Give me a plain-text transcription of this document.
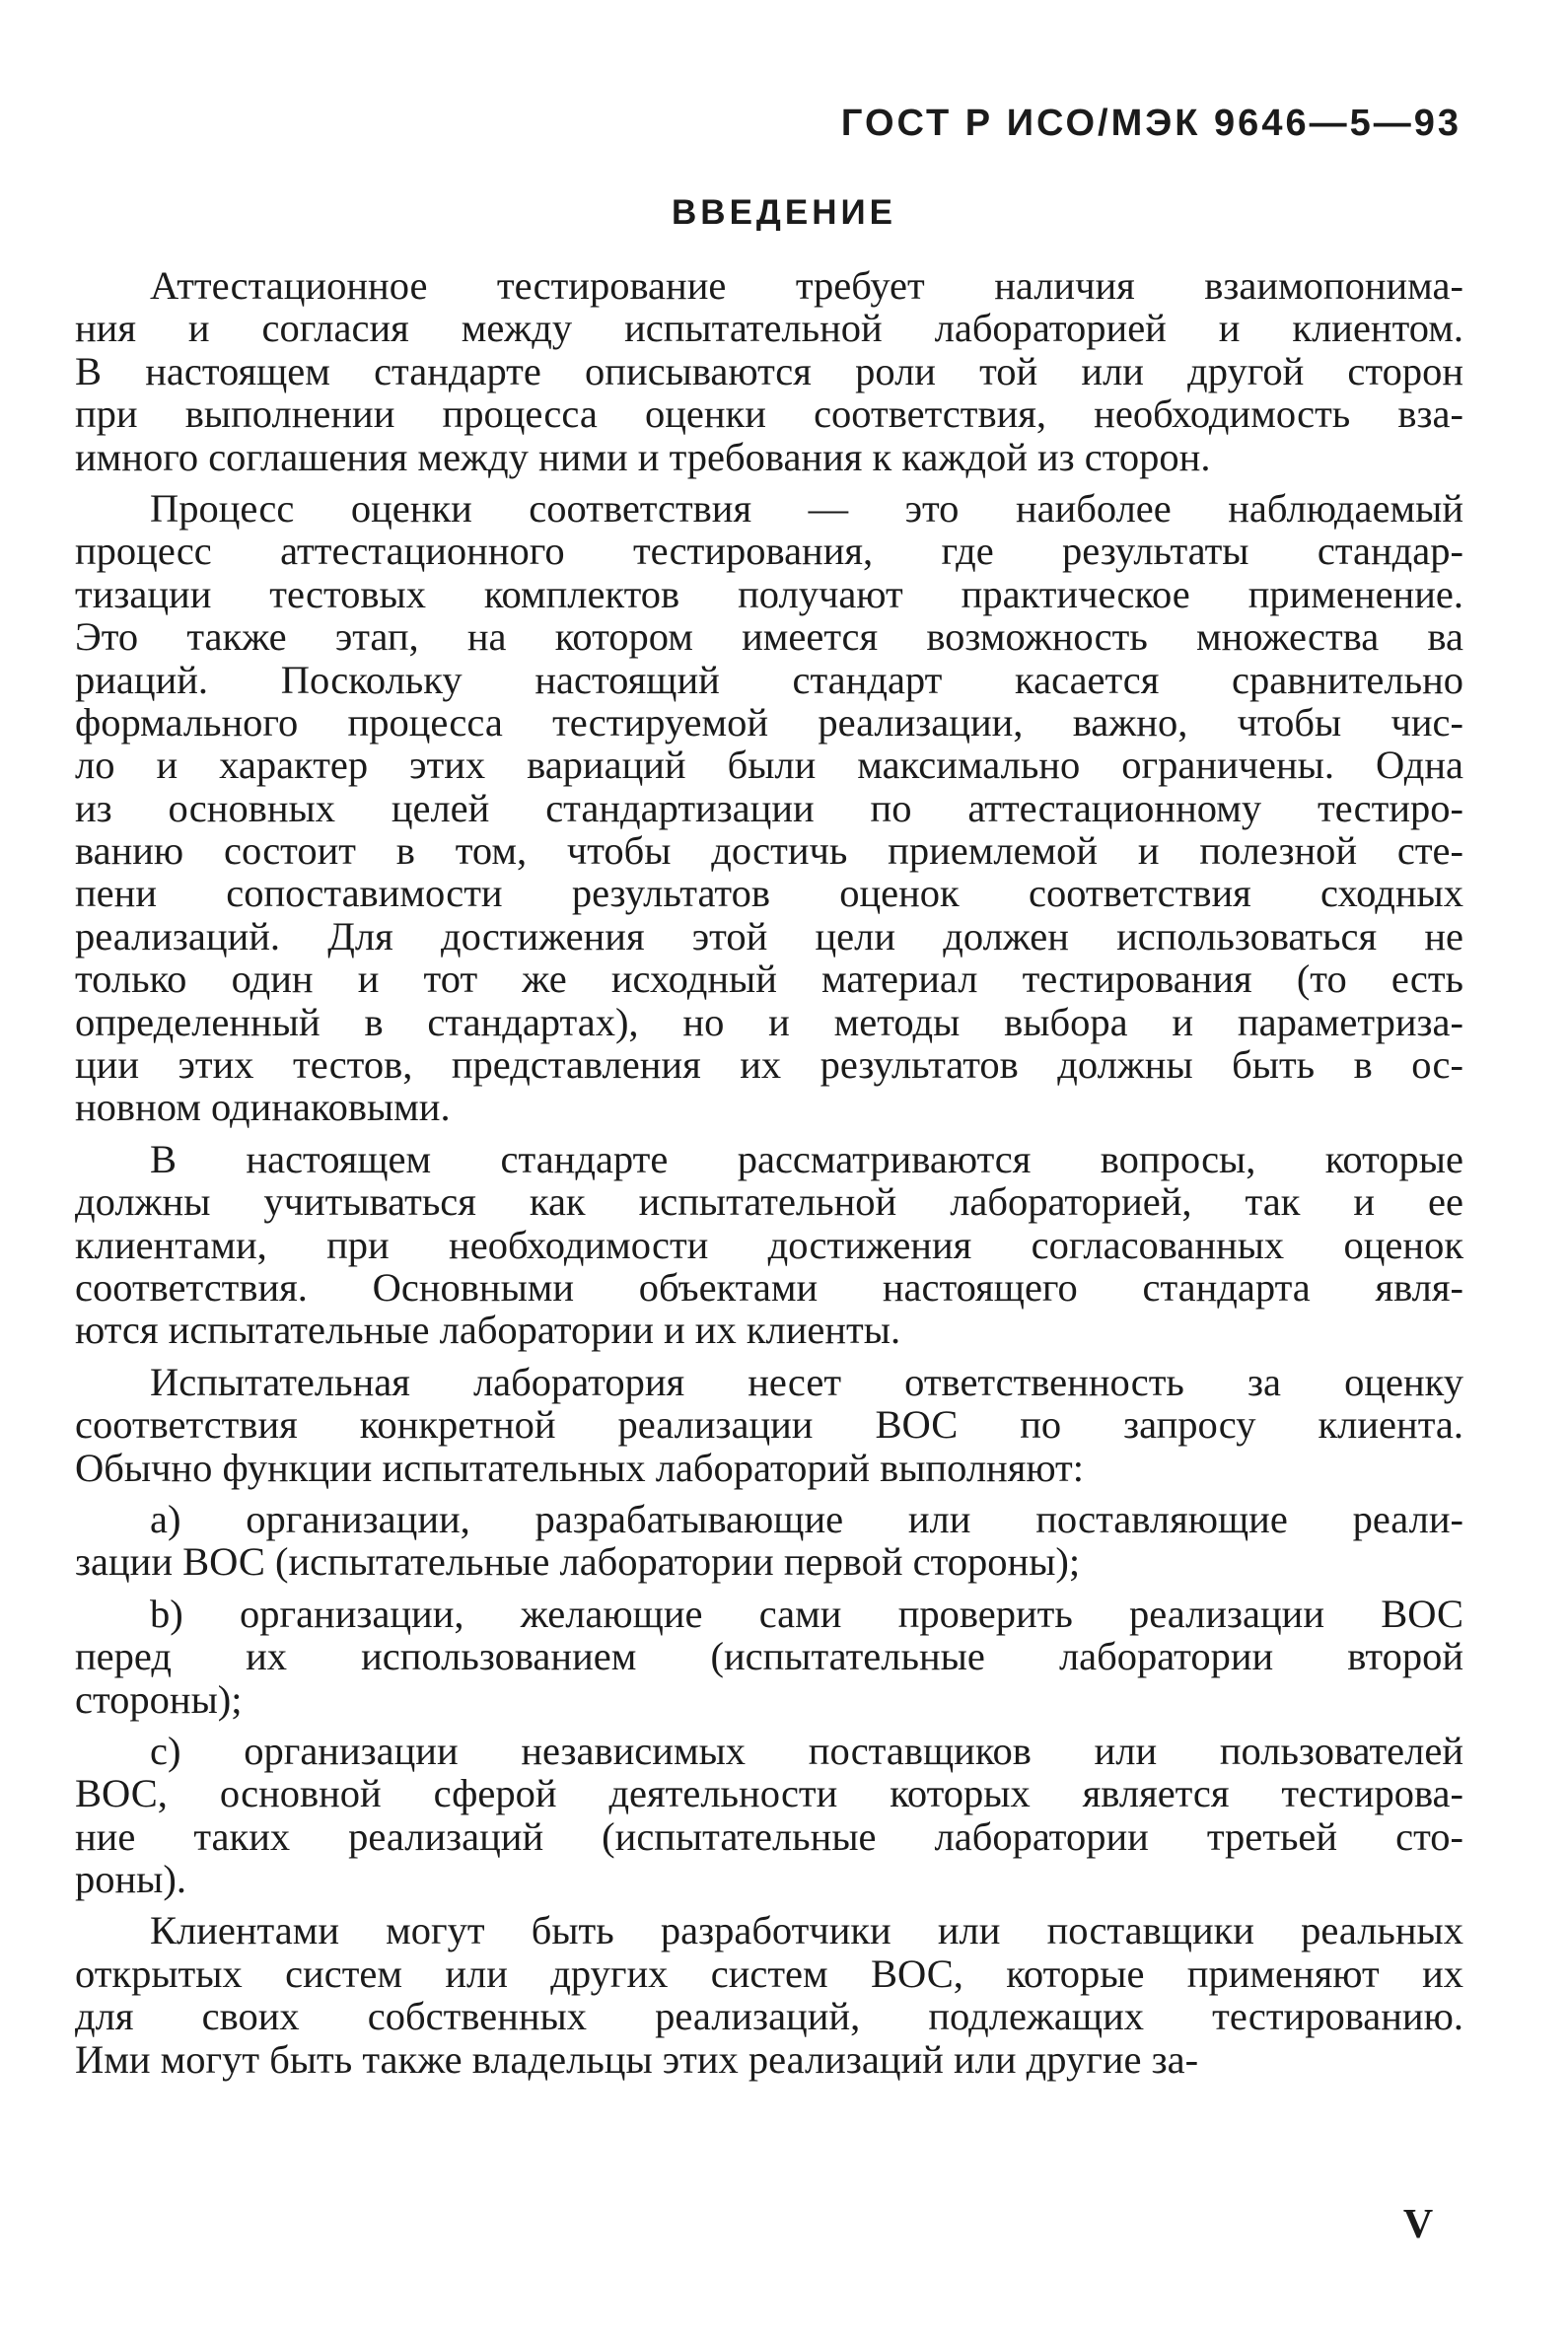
ГОСТ Р ИСО/МЭК 9646—5—93
ВВЕДЕНИЕ
Аттестационное тестирование требует наличия взаимопонима-
ния и согласия между испытательной лабораторией и клиентом.
В настоящем стандарте описываются роли той или другой сторон
при выполнении процесса оценки соответствия, необходимость вза-
имного соглашения между ними и требования к каждой из сторон.
Процесс оценки соответствия — это наиболее наблюдаемый
процесс аттестационного тестирования, где результаты стандар-
тизации тестовых комплектов получают практическое применение.
Это также этап, на котором имеется возможность множества ва
риаций. Поскольку настоящий стандарт касается сравнительно
формального процесса тестируемой реализации, важно, чтобы чис-
ло и характер этих вариаций были максимально ограничены. Одна
из основных целей стандартизации по аттестационному тестиро-
ванию состоит в том, чтобы достичь приемлемой и полезной сте-
пени сопоставимости результатов оценок соответствия сходных
реализаций. Для достижения этой цели должен использоваться не
только один и тот же исходный материал тестирования (то есть
определенный в стандартах), но и методы выбора и параметриза-
ции этих тестов, представления их результатов должны быть в ос-
новном одинаковыми.
В настоящем стандарте рассматриваются вопросы, которые
должны учитываться как испытательной лабораторией, так и ее
клиентами, при необходимости достижения согласованных оценок
соответствия. Основными объектами настоящего стандарта явля-
ются испытательные лаборатории и их клиенты.
Испытательная лаборатория несет ответственность за оценку
соответствия конкретной реализации ВОС по запросу клиента.
Обычно функции испытательных лабораторий выполняют:
a) организации, разрабатывающие или поставляющие реали-
зации ВОС (испытательные лаборатории первой стороны);
b) организации, желающие сами проверить реализации ВОС
перед их использованием (испытательные лаборатории второй
стороны);
c) организации независимых поставщиков или пользователей
ВОС, основной сферой деятельности которых является тестирова-
ние таких реализаций (испытательные лаборатории третьей сто-
роны).
Клиентами могут быть разработчики или поставщики реальных
открытых систем или других систем ВОС, которые применяют их
для своих собственных реализаций, подлежащих тестированию.
Ими могут быть также владельцы этих реализаций или другие за-
V
